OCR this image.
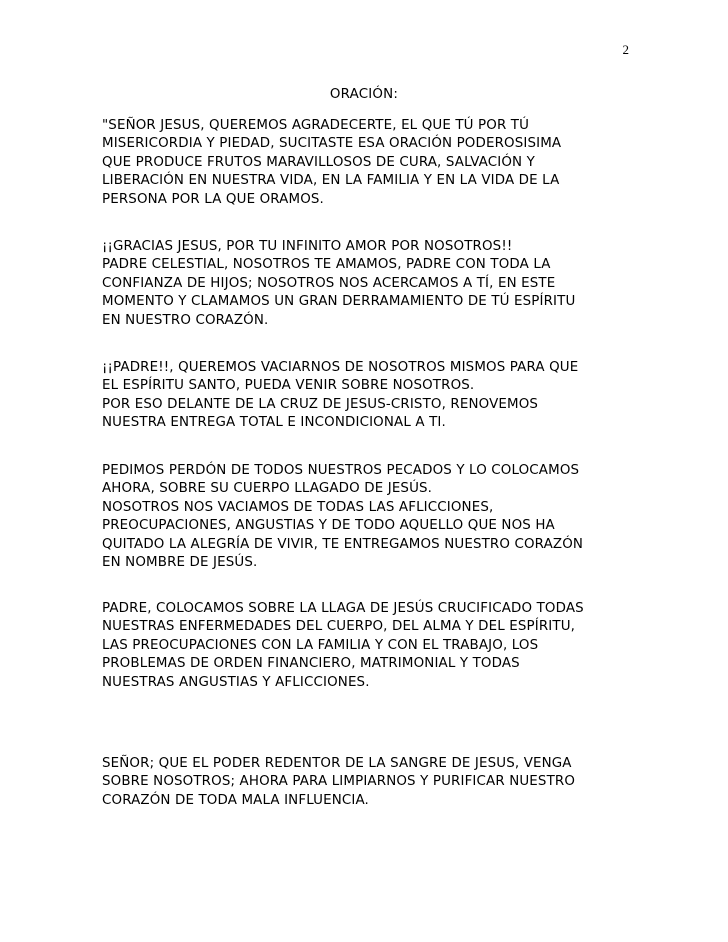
2
ORACIÓN:
"SEÑOR JESUS, QUEREMOS AGRADECERTE, EL QUE TÚ POR TÚ
MISERICORDIA Y PIEDAD, SUCITASTE ESA ORACIÓN PODEROSISIMA
QUE PRODUCE FRUTOS MARAVILLOSOS DE CURA, SALVACIÓN Y
LIBERACIÓN EN NUESTRA VIDA, EN LA FAMILIA Y EN LA VIDA DE LA
PERSONA POR LA QUE ORAMOS.
¡¡GRACIAS JESUS, POR TU INFINITO AMOR POR NOSOTROS!!
PADRE CELESTIAL, NOSOTROS TE AMAMOS, PADRE CON TODA LA
CONFIANZA DE HIJOS; NOSOTROS NOS ACERCAMOS A TÍ, EN ESTE
MOMENTO Y CLAMAMOS UN GRAN DERRAMAMIENTO DE TÚ ESPÍRITU
EN NUESTRO CORAZÓN.
¡¡PADRE!!, QUEREMOS VACIARNOS DE NOSOTROS MISMOS PARA QUE
EL ESPÍRITU SANTO, PUEDA VENIR SOBRE NOSOTROS.
POR ESO DELANTE DE LA CRUZ DE JESUS-CRISTO, RENOVEMOS
NUESTRA ENTREGA TOTAL E INCONDICIONAL A TI.
PEDIMOS PERDÓN DE TODOS NUESTROS PECADOS Y LO COLOCAMOS
AHORA, SOBRE SU CUERPO LLAGADO DE JESÚS.
NOSOTROS NOS VACIAMOS DE TODAS LAS AFLICCIONES,
PREOCUPACIONES, ANGUSTIAS Y DE TODO AQUELLO QUE NOS HA
QUITADO LA ALEGRÍA DE VIVIR, TE ENTREGAMOS NUESTRO CORAZÓN
EN NOMBRE DE JESÚS.
PADRE, COLOCAMOS SOBRE LA LLAGA DE JESÚS CRUCIFICADO TODAS
NUESTRAS ENFERMEDADES DEL CUERPO, DEL ALMA Y DEL ESPÍRITU,
LAS PREOCUPACIONES CON LA FAMILIA Y CON EL TRABAJO, LOS
PROBLEMAS DE ORDEN FINANCIERO, MATRIMONIAL Y TODAS
NUESTRAS ANGUSTIAS Y AFLICCIONES.
SEÑOR; QUE EL PODER REDENTOR DE LA SANGRE DE JESUS, VENGA
SOBRE NOSOTROS; AHORA PARA LIMPIARNOS Y PURIFICAR NUESTRO
CORAZÓN DE TODA MALA INFLUENCIA.
